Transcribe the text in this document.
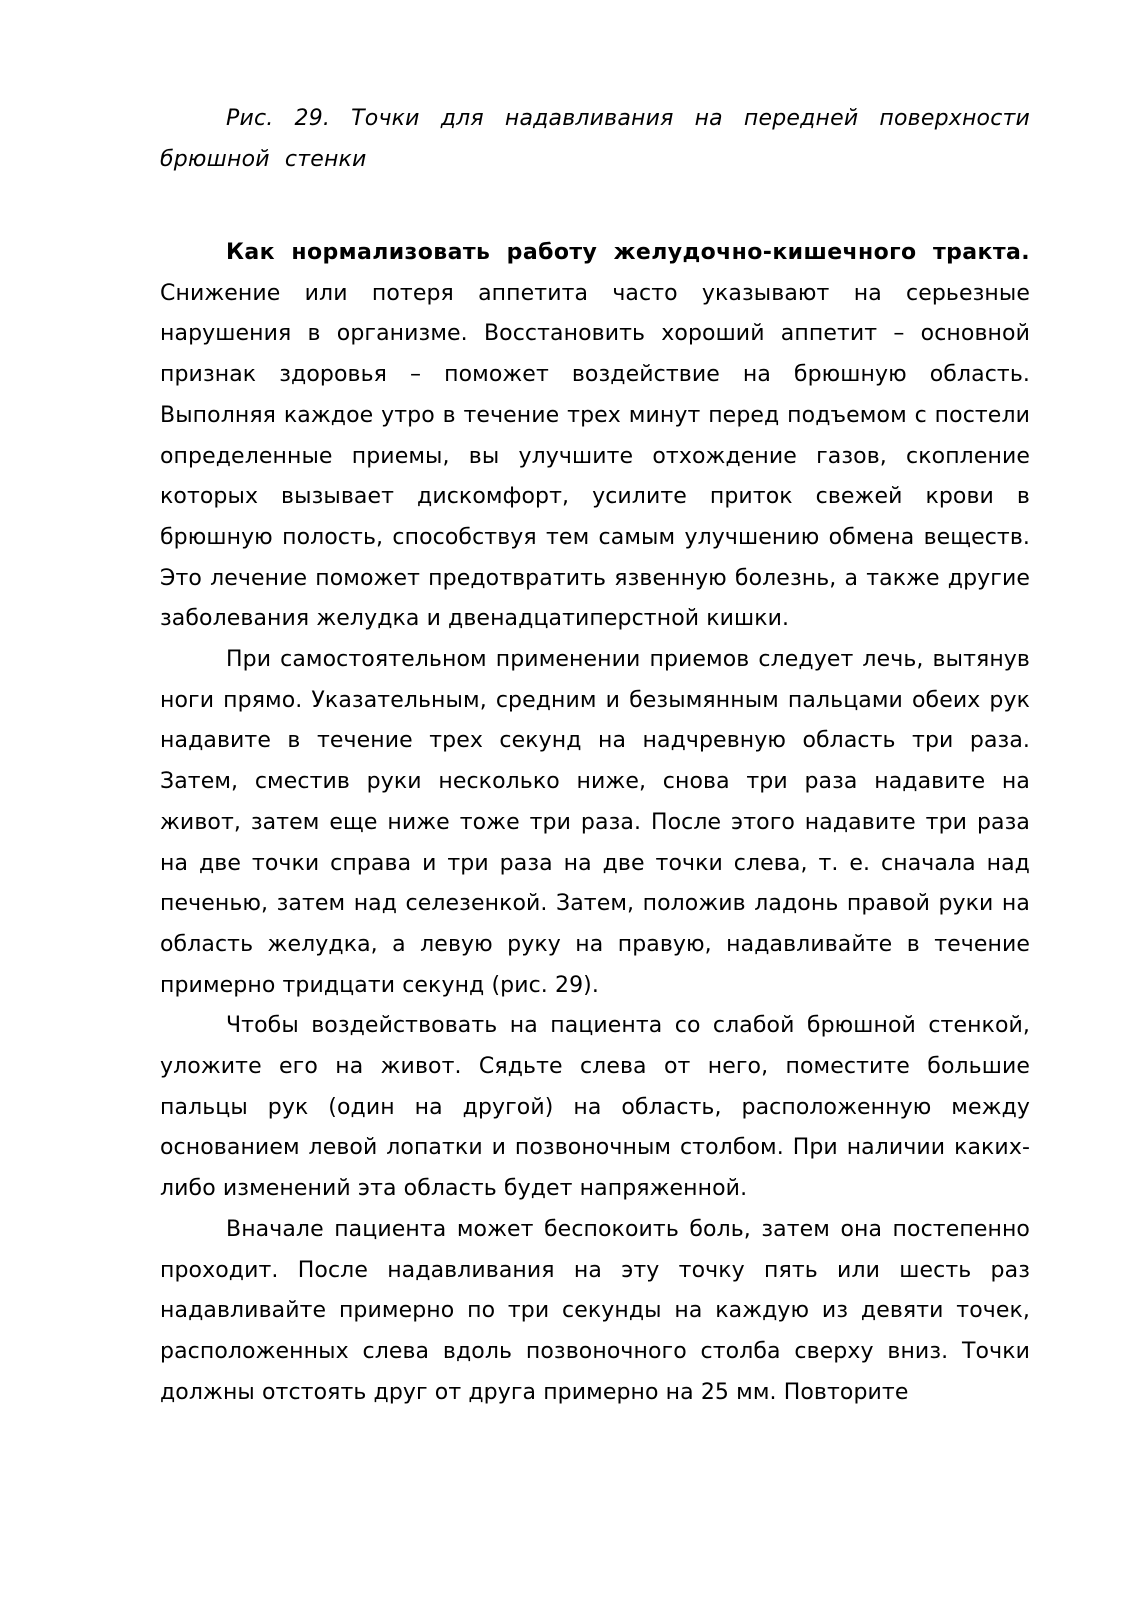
Рис. 29. Точки для надавливания на передней поверхности брюшной стенки

Как нормализовать работу желудочно-кишечного тракта. Снижение или потеря аппетита часто указывают на серьезные нарушения в организме. Восстановить хороший аппетит – основной признак здоровья – поможет воздействие на брюшную область. Выполняя каждое утро в течение трех минут перед подъемом с постели определенные приемы, вы улучшите отхождение газов, скопление которых вызывает дискомфорт, усилите приток свежей крови в брюшную полость, способствуя тем самым улучшению обмена веществ. Это лечение поможет предотвратить язвенную болезнь, а также другие заболевания желудка и двенадцатиперстной кишки.

При самостоятельном применении приемов следует лечь, вытянув ноги прямо. Указательным, средним и безымянным пальцами обеих рук надавите в течение трех секунд на надчревную область три раза. Затем, сместив руки несколько ниже, снова три раза надавите на живот, затем еще ниже тоже три раза. После этого надавите три раза на две точки справа и три раза на две точки слева, т. е. сначала над печенью, затем над селезенкой. Затем, положив ладонь правой руки на область желудка, а левую руку на правую, надавливайте в течение примерно тридцати секунд (рис. 29).

Чтобы воздействовать на пациента со слабой брюшной стенкой, уложите его на живот. Сядьте слева от него, поместите большие пальцы рук (один на другой) на область, расположенную между основанием левой лопатки и позвоночным столбом. При наличии каких-либо изменений эта область будет напряженной.

Вначале пациента может беспокоить боль, затем она постепенно проходит. После надавливания на эту точку пять или шесть раз надавливайте примерно по три секунды на каждую из девяти точек, расположенных слева вдоль позвоночного столба сверху вниз. Точки должны отстоять друг от друга примерно на 25 мм. Повторите
